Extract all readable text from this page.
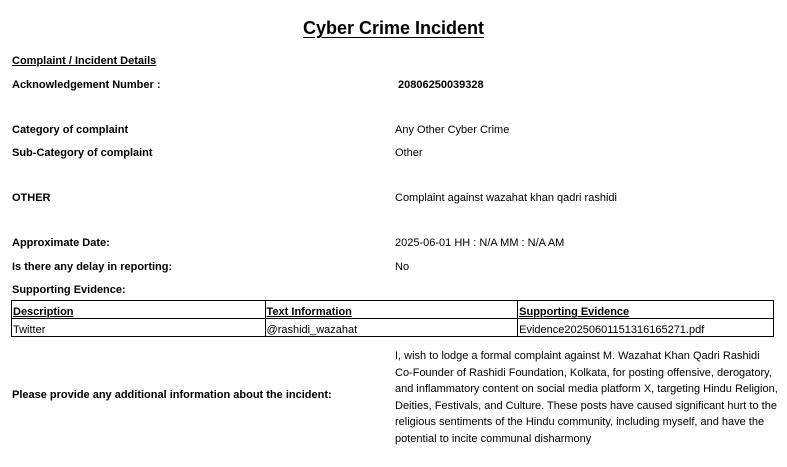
Cyber Crime Incident
Complaint / Incident Details
Acknowledgement Number :	20806250039328
Category of complaint	Any Other Cyber Crime
Sub-Category of complaint	Other
OTHER	Complaint against wazahat khan qadri rashidi
Approximate Date:	2025-06-01 HH : N/A MM : N/A AM
Is there any delay in reporting:	No
Supporting Evidence:
Description	Text Information	Supporting Evidence
Twitter	@rashidi_wazahat	Evidence20250601151316165271.pdf
Please provide any additional information about the incident:
I, wish to lodge a formal complaint against M. Wazahat Khan Qadri Rashidi Co-Founder of Rashidi Foundation, Kolkata, for posting offensive, derogatory, and inflammatory content on social media platform X, targeting Hindu Religion, Deities, Festivals, and Culture. These posts have caused significant hurt to the religious sentiments of the Hindu community, including myself, and have the potential to incite communal disharmony
